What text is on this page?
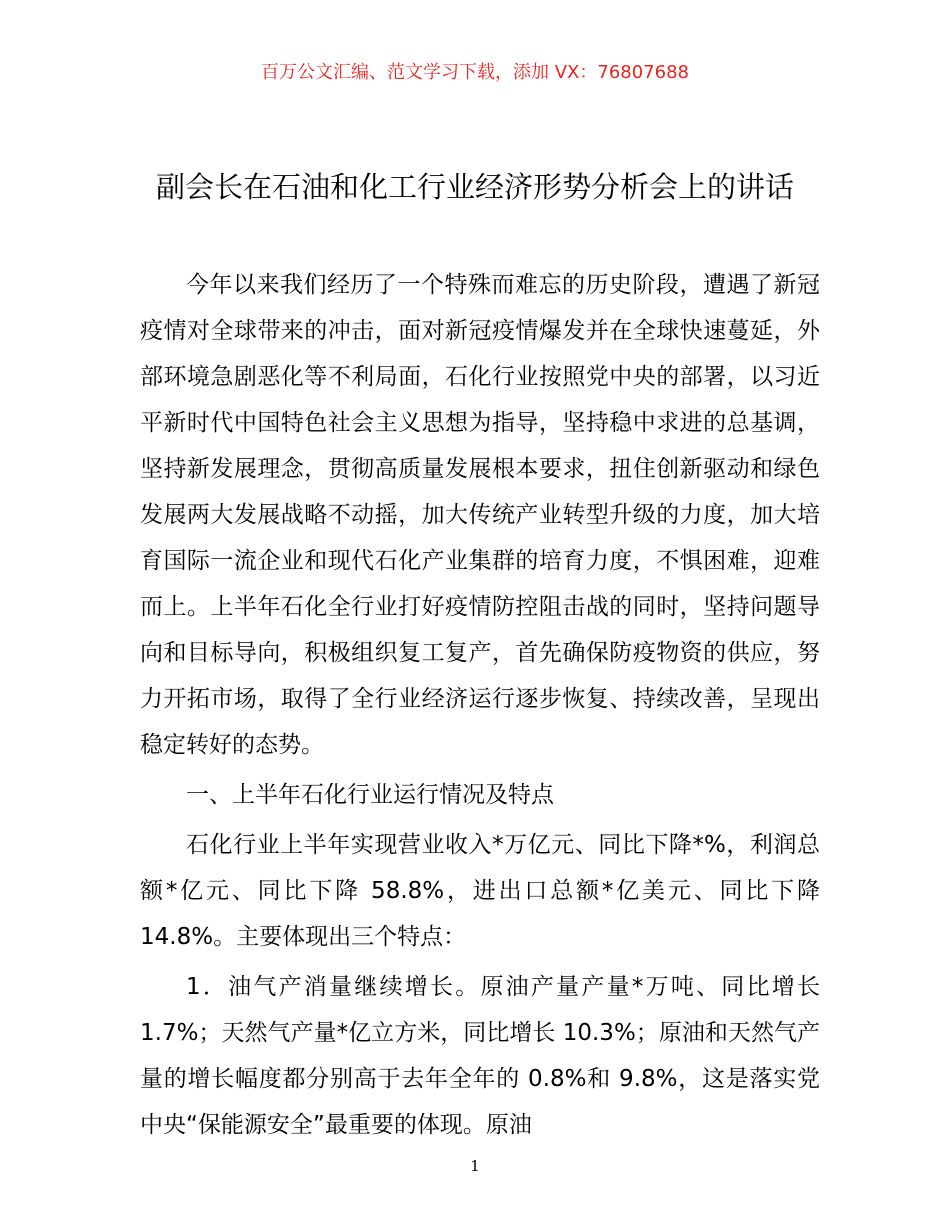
百万公文汇编、范文学习下载，添加 VX：76807688
副会长在石油和化工行业经济形势分析会上的讲话

今年以来我们经历了一个特殊而难忘的历史阶段，遭遇了新冠疫情对全球带来的冲击，面对新冠疫情爆发并在全球快速蔓延，外部环境急剧恶化等不利局面，石化行业按照党中央的部署，以习近平新时代中国特色社会主义思想为指导，坚持稳中求进的总基调，坚持新发展理念，贯彻高质量发展根本要求，扭住创新驱动和绿色发展两大发展战略不动摇，加大传统产业转型升级的力度，加大培育国际一流企业和现代石化产业集群的培育力度，不惧困难，迎难而上。上半年石化全行业打好疫情防控阻击战的同时，坚持问题导向和目标导向，积极组织复工复产，首先确保防疫物资的供应，努力开拓市场，取得了全行业经济运行逐步恢复、持续改善，呈现出稳定转好的态势。

一、上半年石化行业运行情况及特点

石化行业上半年实现营业收入*万亿元、同比下降*%，利润总额*亿元、同比下降 58.8%，进出口总额*亿美元、同比下降 14.8%。主要体现出三个特点：

1．油气产消量继续增长。原油产量产量*万吨、同比增长 1.7%；天然气产量*亿立方米，同比增长 10.3%；原油和天然气产量的增长幅度都分别高于去年全年的 0.8%和 9.8%，这是落实党中央“保能源安全”最重要的体现。原油

1
